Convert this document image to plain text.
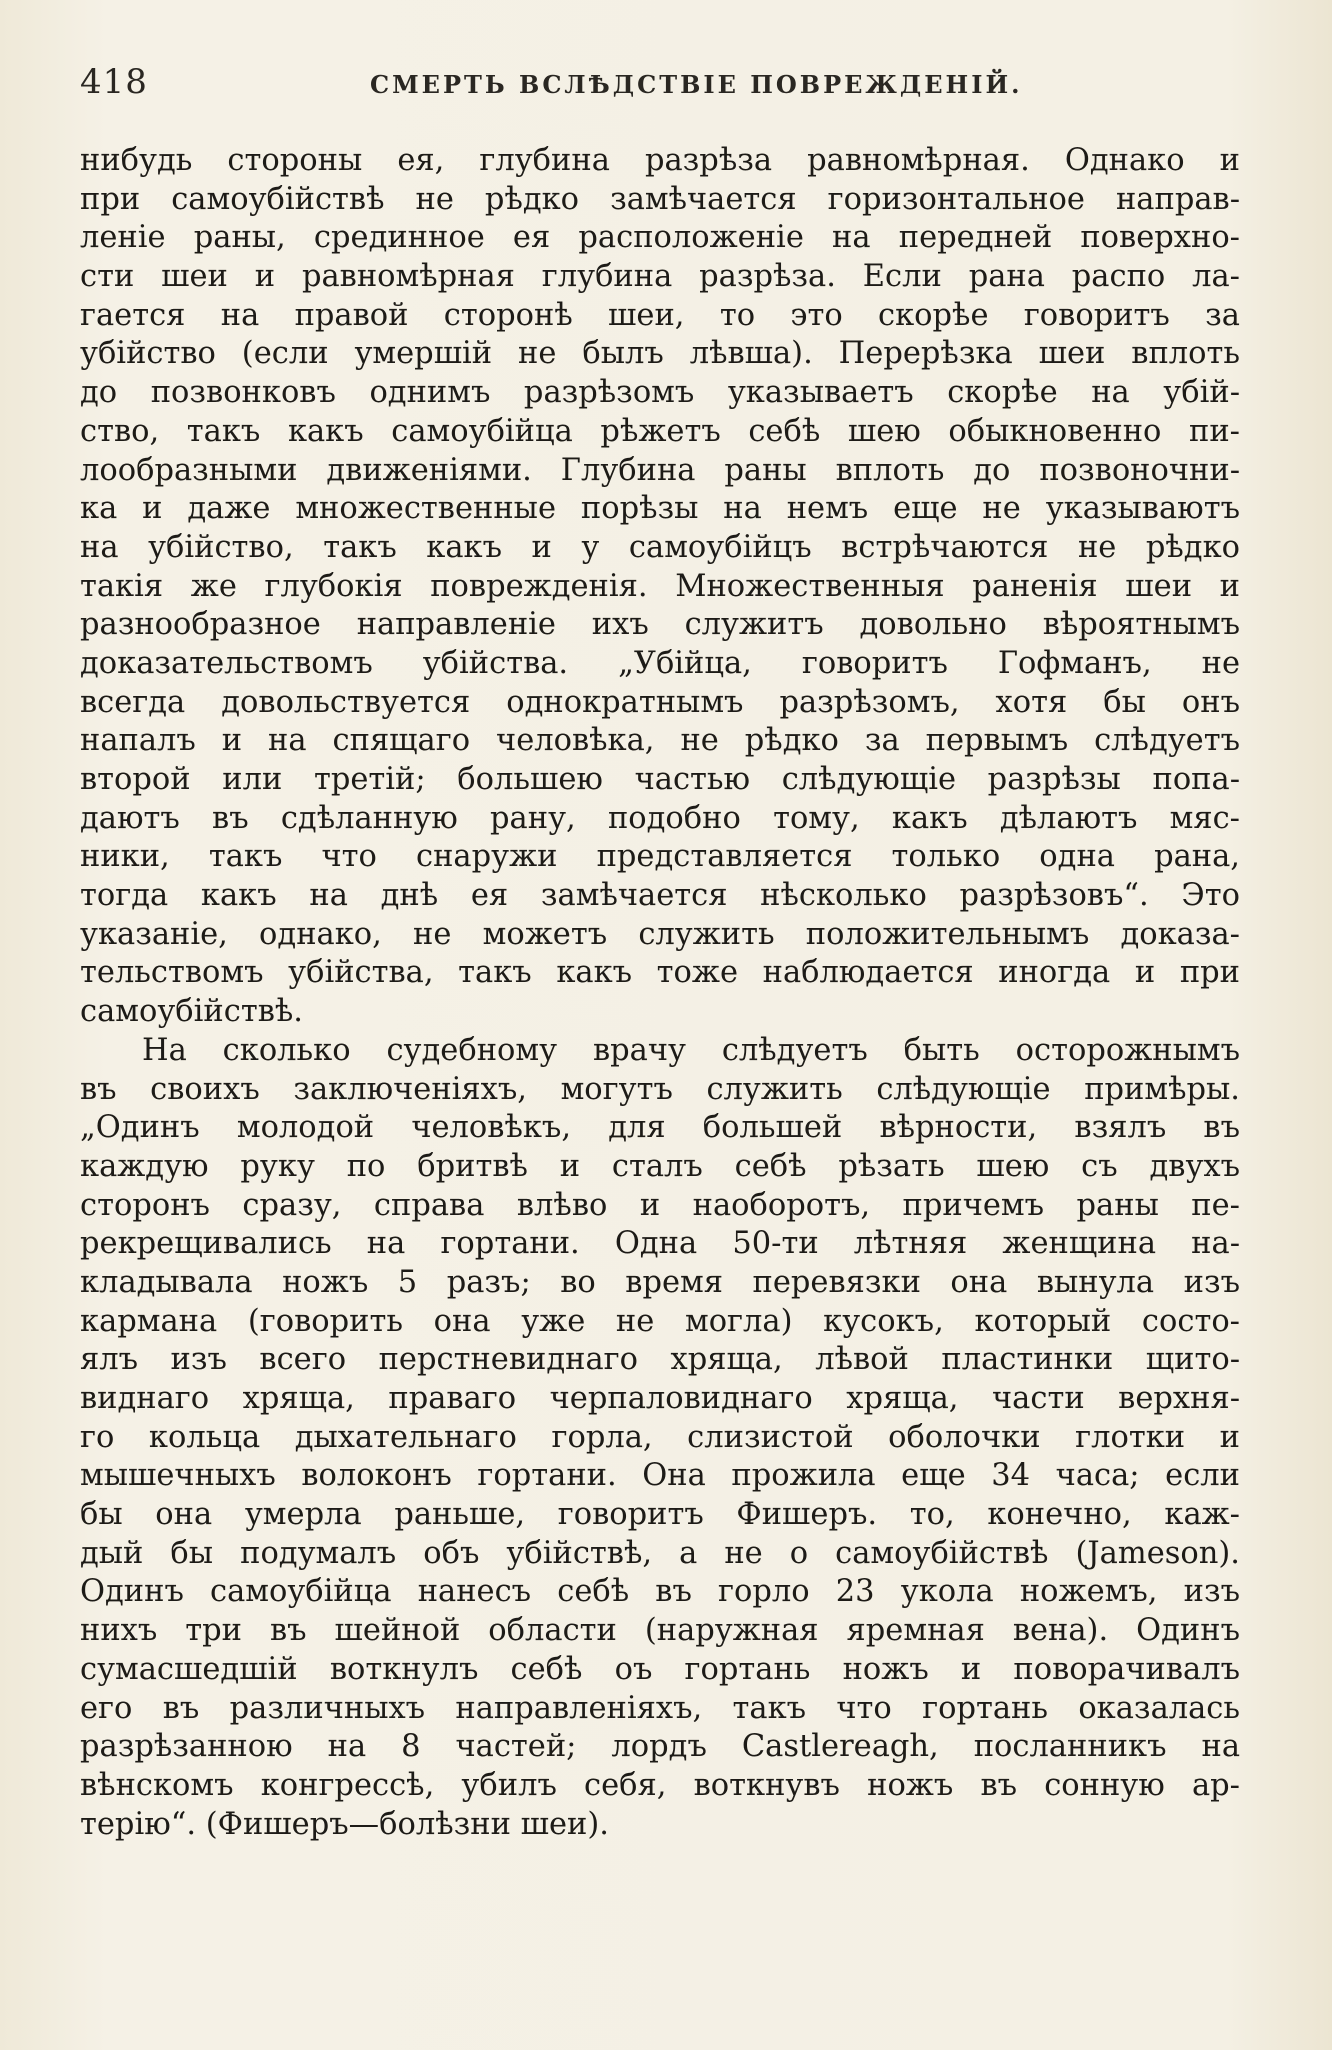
418	СМЕРТЬ ВСЛѢДСТВІЕ ПОВРЕЖДЕНІЙ.
нибудь стороны ея, глубина разрѣза равномѣрная. Однако и
при самоубійствѣ не рѣдко замѣчается горизонтальное направ-
леніе раны, срединное ея расположеніе на передней поверхно-
сти шеи и равномѣрная глубина разрѣза. Если рана распо ла-
гается на правой сторонѣ шеи, то это скорѣе говоритъ за
убійство (если умершій не былъ лѣвша). Перерѣзка шеи вплоть
до позвонковъ однимъ разрѣзомъ указываетъ скорѣе на убій-
ство, такъ какъ самоубійца рѣжетъ себѣ шею обыкновенно пи-
лообразными движеніями. Глубина раны вплоть до позвоночни-
ка и даже множественные порѣзы на немъ еще не указываютъ
на убійство, такъ какъ и у самоубійцъ встрѣчаются не рѣдко
такія же глубокія поврежденія. Множественныя раненія шеи и
разнообразное направленіе ихъ служитъ довольно вѣроятнымъ
доказательствомъ убійства. „Убійца, говоритъ Гофманъ, не
всегда довольствуется однократнымъ разрѣзомъ, хотя бы онъ
напалъ и на спящаго человѣка, не рѣдко за первымъ слѣдуетъ
второй или третій; большею частью слѣдующіе разрѣзы попа-
даютъ въ сдѣланную рану, подобно тому, какъ дѣлаютъ мяс-
ники, такъ что снаружи представляется только одна рана,
тогда какъ на днѣ ея замѣчается нѣсколько разрѣзовъ“. Это
указаніе, однако, не можетъ служить положительнымъ доказа-
тельствомъ убійства, такъ какъ тоже наблюдается иногда и при
самоубійствѣ.
На сколько судебному врачу слѣдуетъ быть осторожнымъ
въ своихъ заключеніяхъ, могутъ служить слѣдующіе примѣры.
„Одинъ молодой человѣкъ, для большей вѣрности, взялъ въ
каждую руку по бритвѣ и сталъ себѣ рѣзать шею съ двухъ
сторонъ сразу, справа влѣво и наоборотъ, причемъ раны пе-
рекрещивались на гортани. Одна 50-ти лѣтняя женщина на-
кладывала ножъ 5 разъ; во время перевязки она вынула изъ
кармана (говорить она уже не могла) кусокъ, который состо-
ялъ изъ всего перстневиднаго хряща, лѣвой пластинки щито-
виднаго хряща, праваго черпаловиднаго хряща, части верхня-
го кольца дыхательнаго горла, слизистой оболочки глотки и
мышечныхъ волоконъ гортани. Она прожила еще 34 часа; если
бы она умерла раньше, говоритъ Фишеръ. то, конечно, каж-
дый бы подумалъ объ убійствѣ, а не о самоубійствѣ (Jameson).
Одинъ самоубійца нанесъ себѣ въ горло 23 укола ножемъ, изъ
нихъ три въ шейной области (наружная яремная вена). Одинъ
сумасшедшій воткнулъ себѣ оъ гортань ножъ и поворачивалъ
его въ различныхъ направленіяхъ, такъ что гортань оказалась
разрѣзанною на 8 частей; лордъ Castlereagh, посланникъ на
вѣнскомъ конгрессѣ, убилъ себя, воткнувъ ножъ въ сонную ар-
терію“. (Фишеръ—болѣзни шеи).
